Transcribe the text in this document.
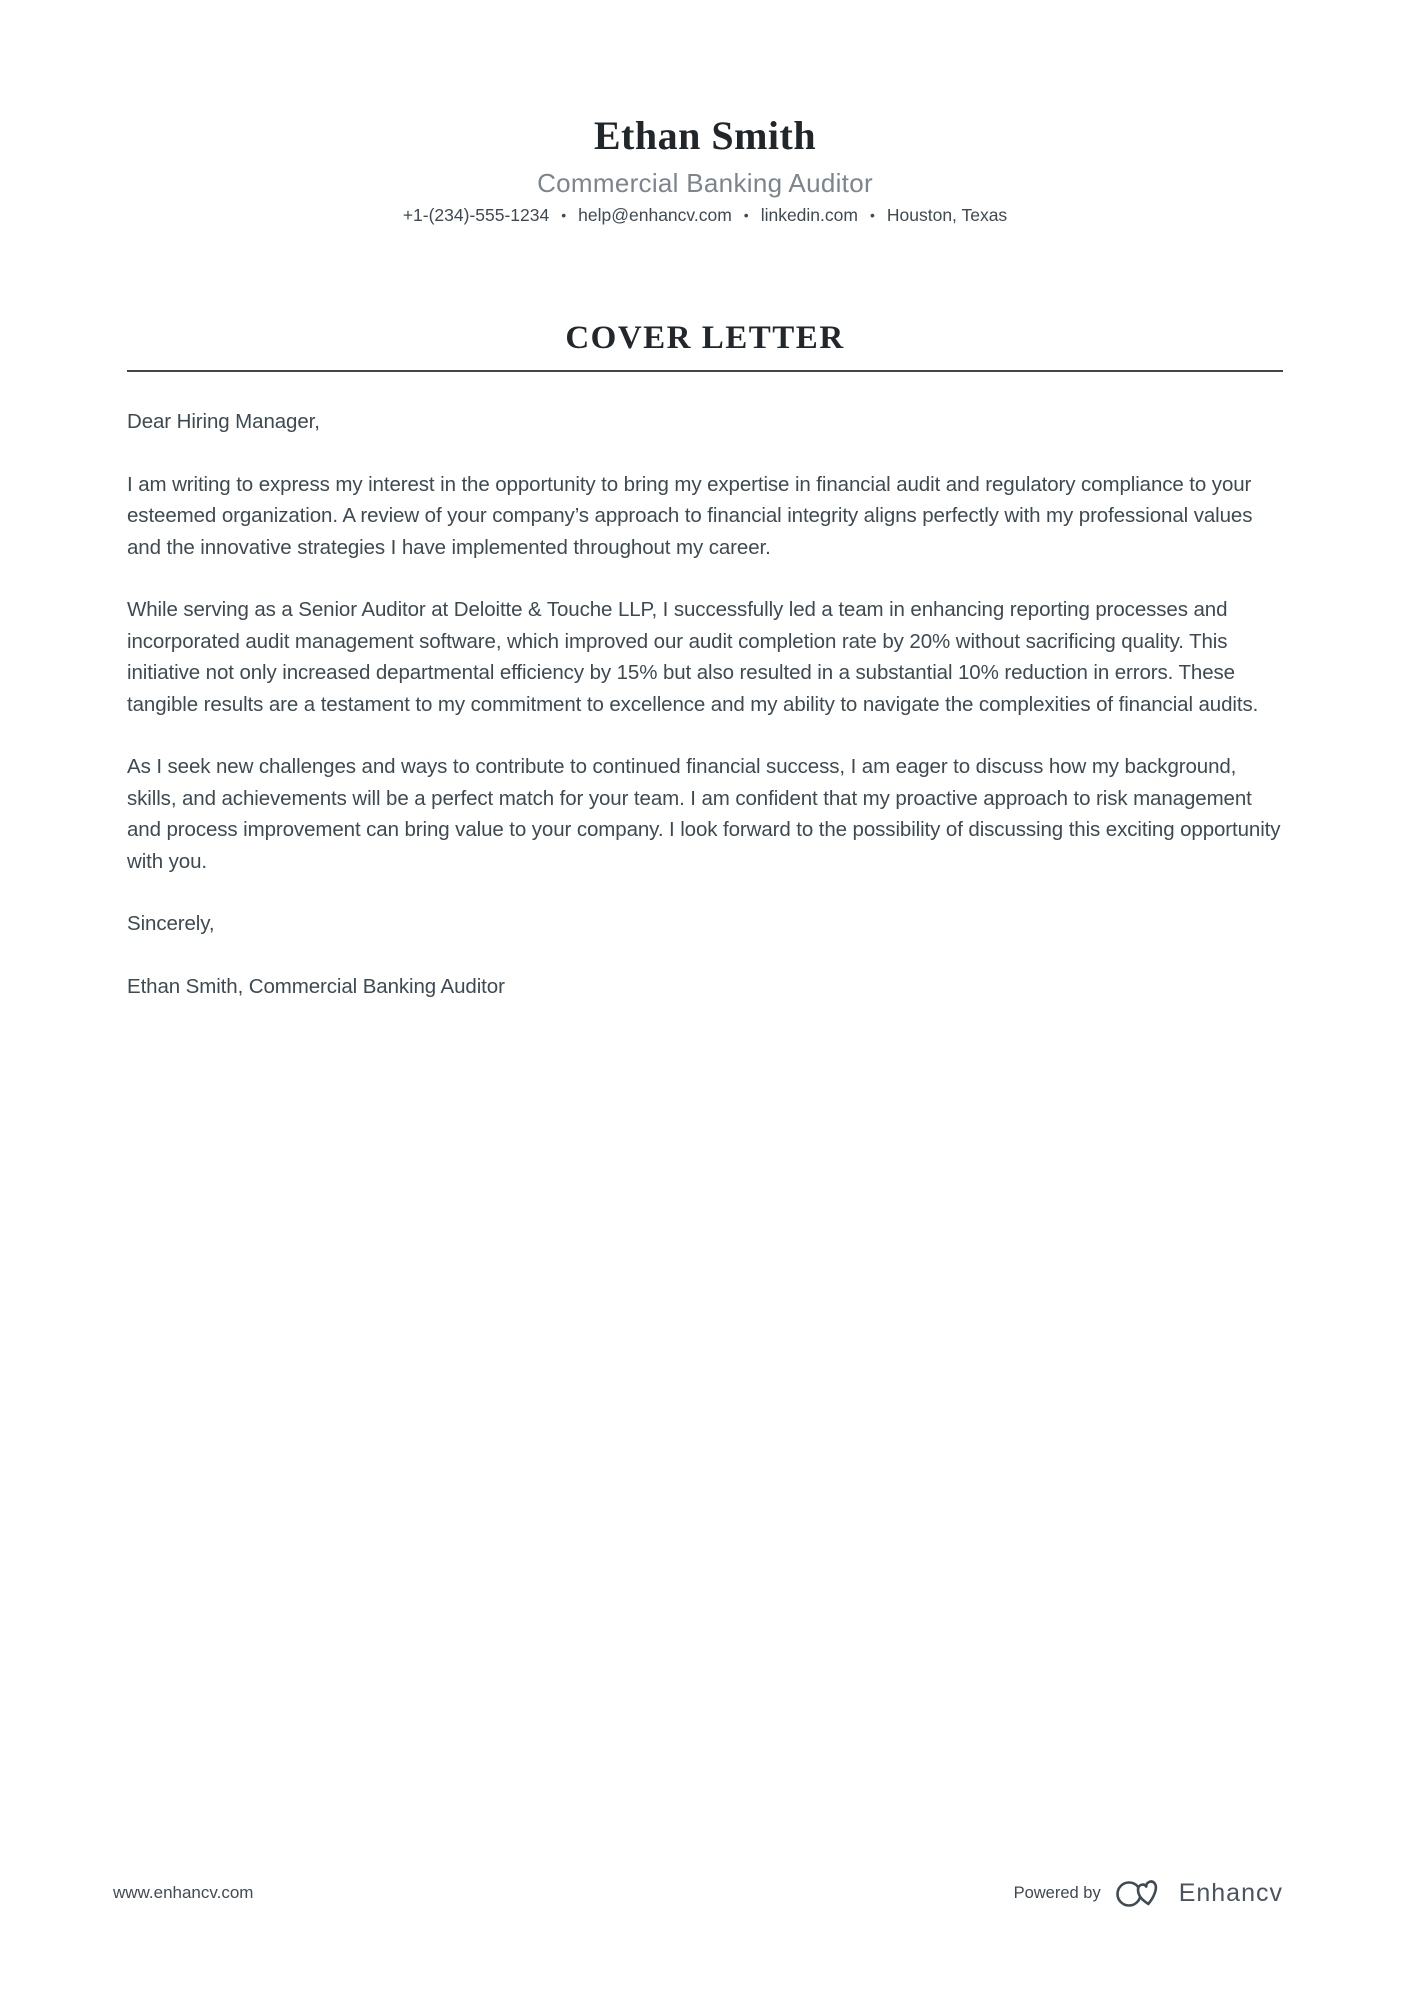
Ethan Smith
Commercial Banking Auditor
+1-(234)-555-1234 • help@enhancv.com • linkedin.com • Houston, Texas
COVER LETTER

Dear Hiring Manager,

I am writing to express my interest in the opportunity to bring my expertise in financial audit and regulatory compliance to your esteemed organization. A review of your company’s approach to financial integrity aligns perfectly with my professional values and the innovative strategies I have implemented throughout my career.

While serving as a Senior Auditor at Deloitte & Touche LLP, I successfully led a team in enhancing reporting processes and incorporated audit management software, which improved our audit completion rate by 20% without sacrificing quality. This initiative not only increased departmental efficiency by 15% but also resulted in a substantial 10% reduction in errors. These tangible results are a testament to my commitment to excellence and my ability to navigate the complexities of financial audits.

As I seek new challenges and ways to contribute to continued financial success, I am eager to discuss how my background, skills, and achievements will be a perfect match for your team. I am confident that my proactive approach to risk management and process improvement can bring value to your company. I look forward to the possibility of discussing this exciting opportunity with you.

Sincerely,

Ethan Smith, Commercial Banking Auditor

www.enhancv.com	Powered by	Enhancv
